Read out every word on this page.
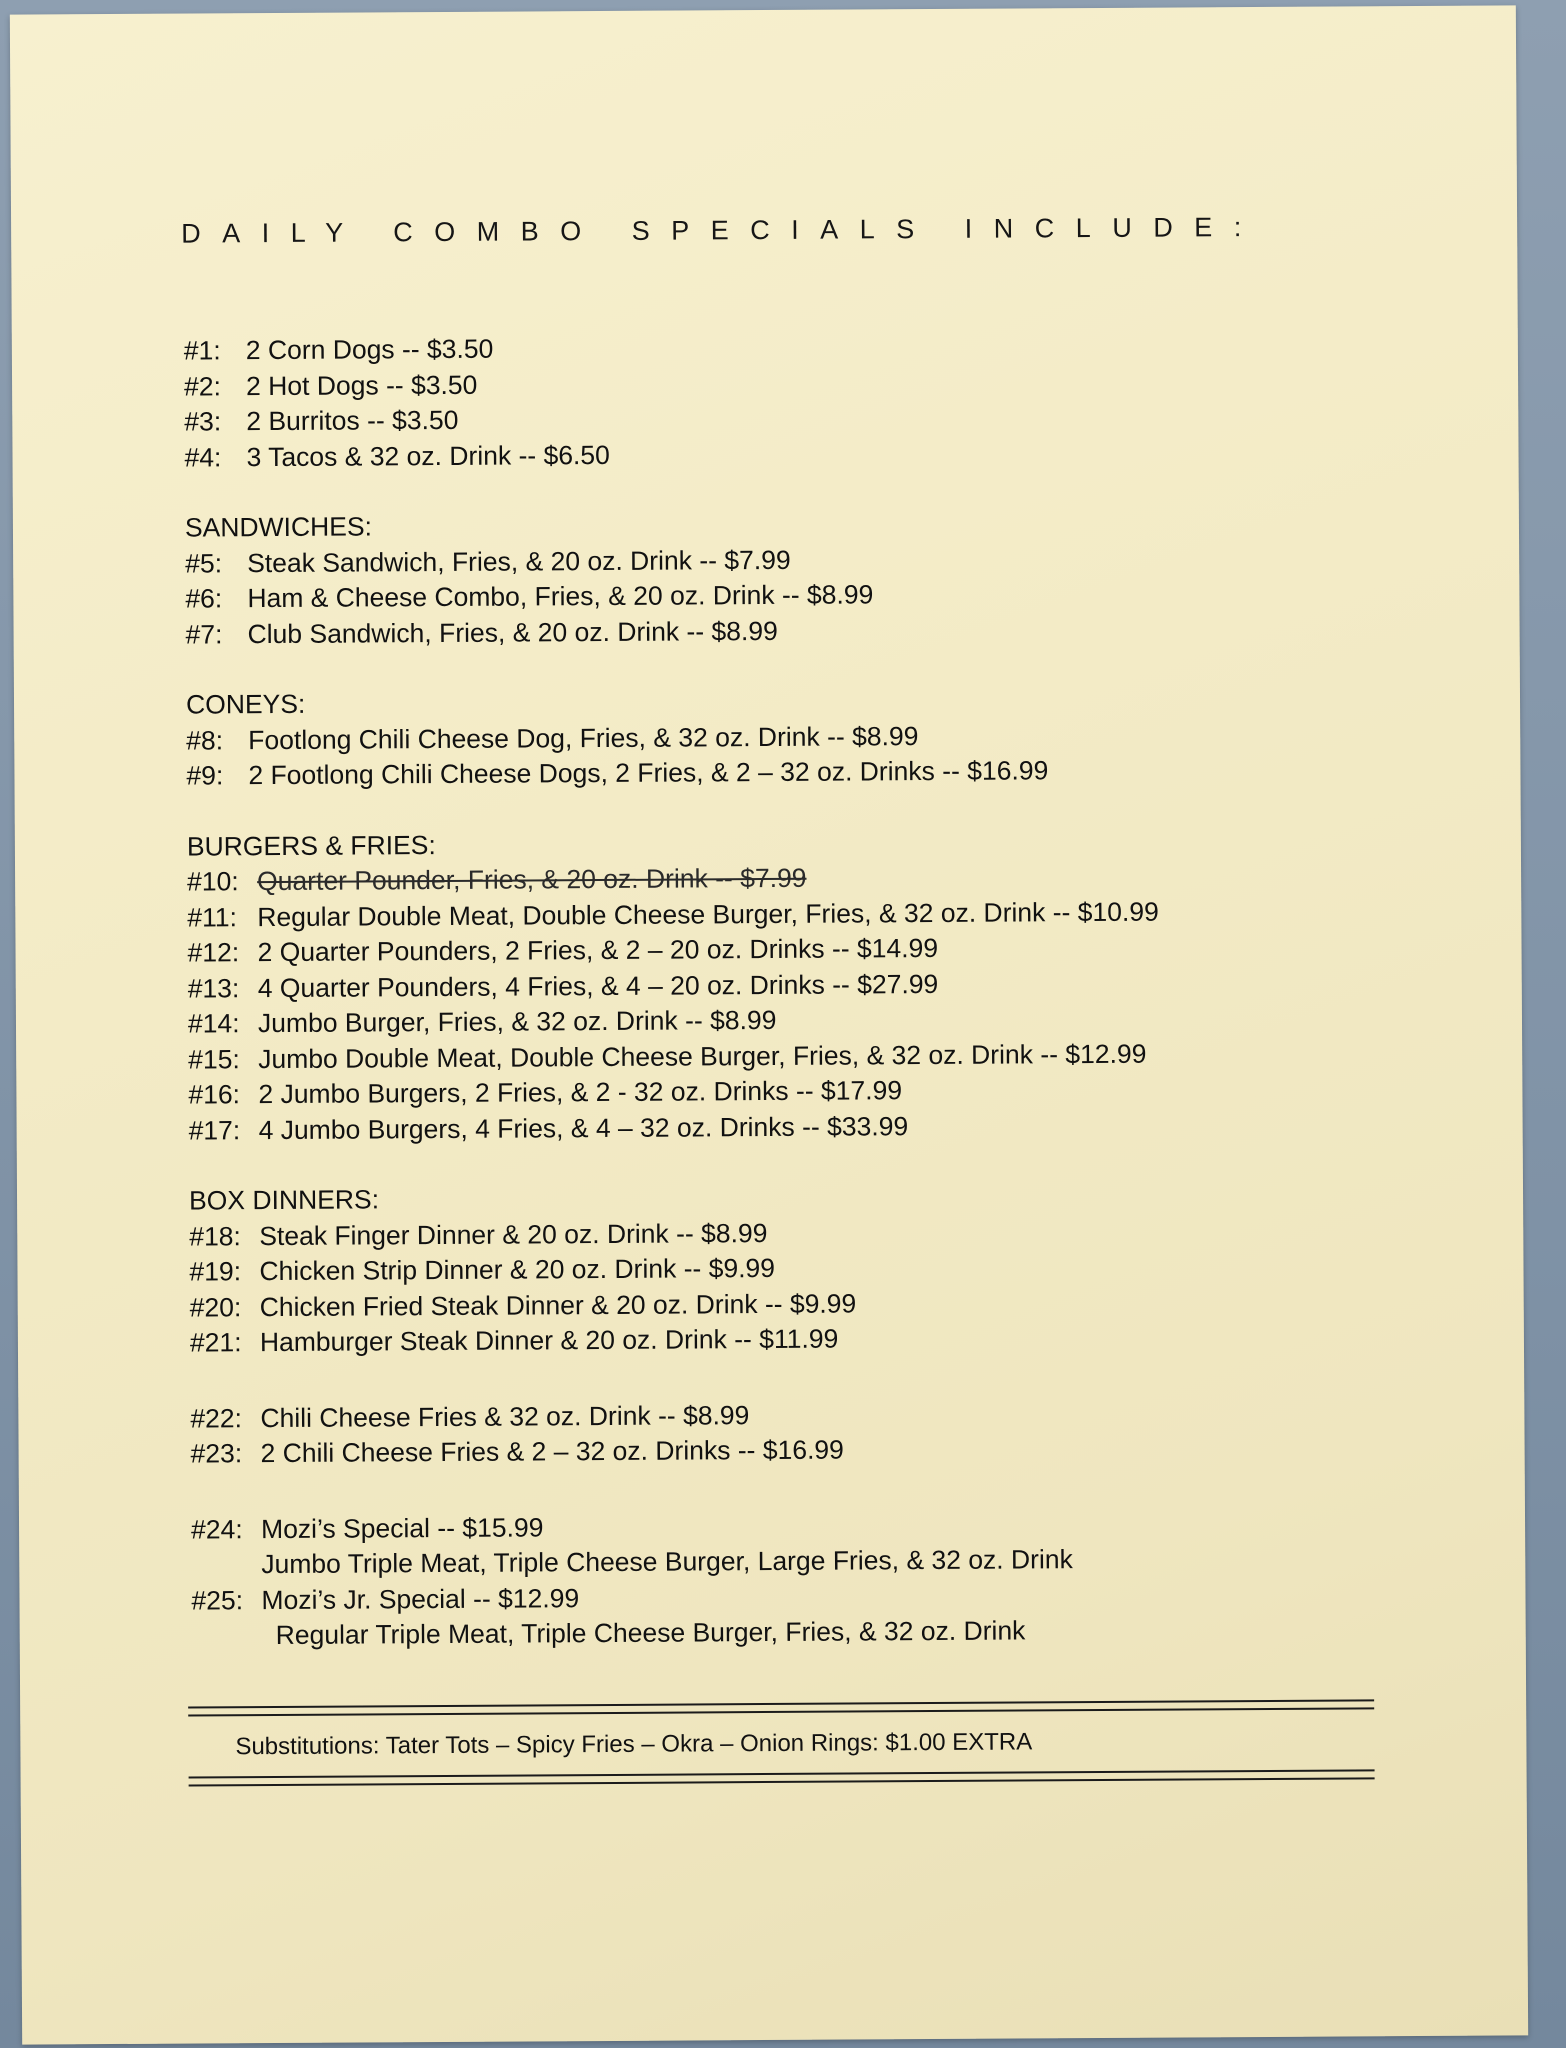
DAILY COMBO SPECIALS INCLUDE:
#1: 2 Corn Dogs -- $3.50
#2: 2 Hot Dogs -- $3.50
#3: 2 Burritos -- $3.50
#4: 3 Tacos & 32 oz. Drink -- $6.50
SANDWICHES:
#5: Steak Sandwich, Fries, & 20 oz. Drink -- $7.99
#6: Ham & Cheese Combo, Fries, & 20 oz. Drink -- $8.99
#7: Club Sandwich, Fries, & 20 oz. Drink -- $8.99
CONEYS:
#8: Footlong Chili Cheese Dog, Fries, & 32 oz. Drink -- $8.99
#9: 2 Footlong Chili Cheese Dogs, 2 Fries, & 2 – 32 oz. Drinks -- $16.99
BURGERS & FRIES:
#10: Quarter Pounder, Fries, & 20 oz. Drink -- $7.99
#11: Regular Double Meat, Double Cheese Burger, Fries, & 32 oz. Drink -- $10.99
#12: 2 Quarter Pounders, 2 Fries, & 2 – 20 oz. Drinks -- $14.99
#13: 4 Quarter Pounders, 4 Fries, & 4 – 20 oz. Drinks -- $27.99
#14: Jumbo Burger, Fries, & 32 oz. Drink -- $8.99
#15: Jumbo Double Meat, Double Cheese Burger, Fries, & 32 oz. Drink -- $12.99
#16: 2 Jumbo Burgers, 2 Fries, & 2 - 32 oz. Drinks -- $17.99
#17: 4 Jumbo Burgers, 4 Fries, & 4 – 32 oz. Drinks -- $33.99
BOX DINNERS:
#18: Steak Finger Dinner & 20 oz. Drink -- $8.99
#19: Chicken Strip Dinner & 20 oz. Drink -- $9.99
#20: Chicken Fried Steak Dinner & 20 oz. Drink -- $9.99
#21: Hamburger Steak Dinner & 20 oz. Drink -- $11.99
#22: Chili Cheese Fries & 32 oz. Drink -- $8.99
#23: 2 Chili Cheese Fries & 2 – 32 oz. Drinks -- $16.99
#24: Mozi’s Special -- $15.99
Jumbo Triple Meat, Triple Cheese Burger, Large Fries, & 32 oz. Drink
#25: Mozi’s Jr. Special -- $12.99
Regular Triple Meat, Triple Cheese Burger, Fries, & 32 oz. Drink
Substitutions: Tater Tots – Spicy Fries – Okra – Onion Rings: $1.00 EXTRA
